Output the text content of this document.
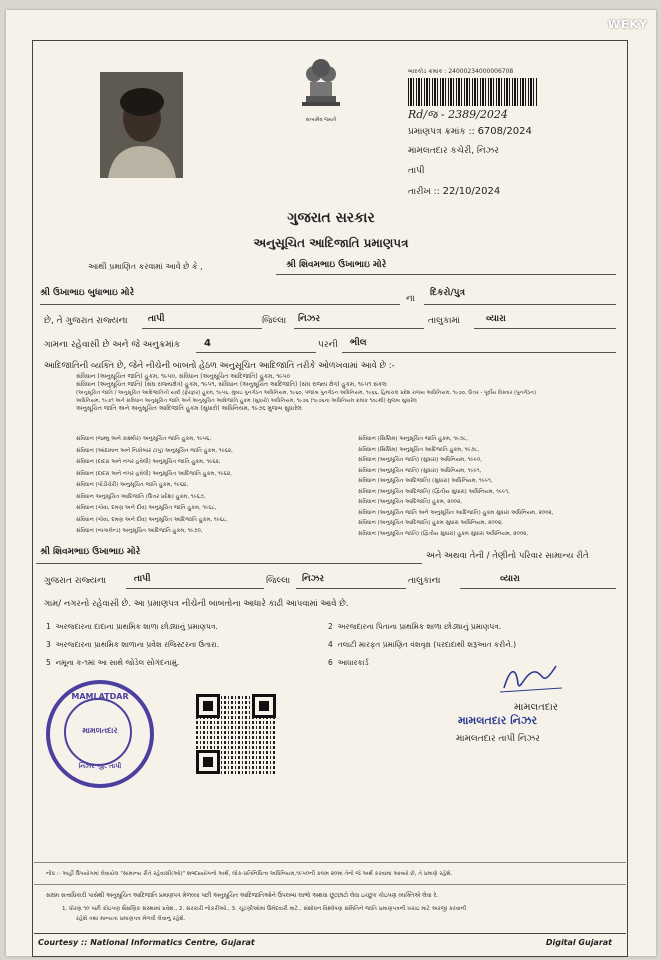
WEKY
સત્યમેવ જયતે
બારકોડ ક્રમાંક : 24000234000006708
Rd/જ - 2389/2024
પ્રમાણપત્ર ક્રમાંક :: 6708/2024
મામલતદાર કચેરી, નિઝર
તાપી
તારીખ :: 22/10/2024
ગુજરાત સરકાર
અનુસૂચિત આદિજાતિ પ્રમાણપત્ર
આથી પ્રમાણિત કરવામાં આવે છે કે ,	શ્રી શિવમભાઇ ઉખાભાઇ મોરે
શ્રી ઉખાભાઇ બુધાભાઇ મોરે
ના
દિકરો/પુત્ર
છે, તે ગુજરાત રાજ્યના તાપી	જિલ્લા નિઝર	તાલુકામાં	વ્યારા
ગામના રહેવાસી છે અને જે અનુક્રમાંક 4	પરની ભીલ
આદિજાતિની વ્યક્તિ છે, જેને નીચેની બાબતો હેઠળ અનુસૂચિત આદિજાતિ તરીકે ઓળખવામાં આવે છે :-
સંવિધાન (અનુસૂચિત જાતિ) હુકમ, ૧૯૫૦, સંવિધાન (અનુસૂચિત આદિજાતિ) હુકમ, ૧૯૫૦
સંવિધાન (અનુસૂચિત જાતિ) (સંઘ રાજ્યક્ષેત્ર) હુકમ, ૧૯૫૧, સંવિધાન (અનુસૂચિત આદિજાતિ) (સંઘ રાજ્ય ક્ષેત્ર) હુકમ, ૧૯૫૧ સંકલ
(અનુસૂચિત જાતિ / અનુસૂચિત આદિજાતિની યાદી (ફેરફાર) હુકમ, ૧૯૫૬, મુંબઇ પુનર્ગઠન અધિનિયમ, ૧૯૬૦, પંજાબ પુનર્ગઠન અધિનિયમ, ૧૯૬૬, હિમાચલ પ્રદેશ રાજ્ય અધિનિયમ, ૧૯૭૦, ઉત્તર - પૂર્વીય વિસ્તાર (પુનર્ગઠન)
અધિનિયમ, ૧૯૭૧ અને સંવિધાન અનુસૂચિત જાતિ અને અનુસૂચિત આદિજાતિ હુકમ (સુધારો) અધિનિયમ, ૧૯૭૬ (૧૯૭૬ના અધિનિયમ ક્રમાંક ૧૦૮થી) મુજબ સુધારેલ
અનુસૂચિત જાતિ અને અનુસૂચિત આદિજાતિ હુકમ (સુધારો) અધિનિયમ, ૧૯૭૬ મુજબ સુધારેલ
સંવિધાન (જમ્મુ અને કાશ્મીર) અનુસૂચિત જાતિ હુકમ, ૧૯૫૬,
સંવિધાન (આંદામાન અને નિકોબાર ટાપુ) અનુસૂચિત જાતિ હુકમ, ૧૯૬૨,
સંવિધાન (દાદરા અને નગર હવેલી) અનુસૂચિત જાતિ હુકમ, ૧૯૬૨,
સંવિધાન (દાદરા અને નગર હવેલી) અનુસૂચિત આદિજાતિ હુકમ, ૧૯૬૨,
સંવિધાન (પોંડીચેરી) અનુસૂચિત જાતિ હુકમ, ૧૯૬૪,
સંવિધાન અનુસૂચિત આદિજાતિ (ઉત્તર પ્રદેશ) હુકમ, ૧૯૬૭,
સંવિધાન (ગોવા, દમણ અને દીવ) અનુસૂચિત જાતિ હુકમ, ૧૯૬૮,
સંવિધાન (ગોવા, દમણ અને દીવ) અનુસૂચિત આદિજાતિ હુકમ, ૧૯૬૮,
સંવિધાન (નાગાલેન્ડ) અનુસૂચિત આદિજાતિ હુકમ, ૧૯૭૦,
સંવિધાન (સિક્કિમ) અનુસૂચિત જાતિ હુકમ, ૧૯૭૮,
સંવિધાન (સિક્કિમ) અનુસૂચિત આદિજાતિ હુકમ, ૧૯૭૮,
સંવિધાન (અનુસૂચિત જાતિ) (સુધારા) અધિનિયમ, ૧૯૯૦,
સંવિધાન (અનુસૂચિત જાતિ) (સુધારા) અધિનિયમ, ૧૯૯૧,
સંવિધાન (અનુસૂચિત આદિજાતિ) (સુધારા) અધિનિયમ, ૧૯૯૧,
સંવિધાન (અનુસૂચિત આદિજાતિ) (દ્વિતીય સુધારા) અધિનિયમ, ૧૯૯૧,
સંવિધાન (અનુસૂચિત આદિજાતિ) હુકમ, ૨૦૦૨,
સંવિધાન (અનુસૂચિત જાતિ અને અનુસૂચિત આદિજાતિ) હુકમ સુધારા અધિનિયમ, ૨૦૦૨,
સંવિધાન (અનુસૂચિત આદિજાતિ) હુકમ સુધારા અધિનિયમ, ૨૦૦૨,
સંવિધાન (અનુસૂચિત જાતિ) (દ્વિતીય સુધારા) હુકમ સુધારા અધિનિયમ, ૨૦૦૨,
શ્રી શિવમભાઇ ઉખાભાઇ મોરે	અને અથવા તેની / તેણીનો પરિવાર સામાન્ય રીતે
ગુજરાત રાજ્યના	તાપી	જિલ્લા નિઝર	તાલુકાના	વ્યારા
ગામ/ નગરનો રહેવાસી છે. આ પ્રમાણપત્ર નીચેની બાબતોના આધારે કાઢી આપવામાં આવે છે.
1 અરજદારના દાદાના પ્રાથમિક શાળા છોડ્યાનું પ્રમાણપત્ર.	2 અરજદારના પિતાના પ્રાથમિક શાળા છોડ્યાનું પ્રમાણપત્ર.
3 અરજદારના પ્રાથમિક શાળાના પ્રવેશ રજિસ્ટરના ઉતારા.	4 તલાટી મારફત પ્રમાણિત વંશવૃક્ષ (પરદાદાથી શરૂઆત કરીને.)
5 નમૂના ક-૧માં આ સાથે જોડેલ સોગંદનામું.	6 આધારકાર્ડ
MAMLATDAR
મામલતદાર
નિઝર જી. તાપી
મામલતદાર
મામલતદાર નિઝર
મામલતદાર તાપી નિઝર
નોંધ :- અહીં ઉપયોગમાં લેવાયેલ "સામાન્ય રીતે રહેવાસી(ઓ)" શબ્દપ્રયોગનો અર્થ, લોક-પ્રતિનિધિત્વ અધિનિયમ,૧૯૫૦ની કલમ ૨૦માં તેનો જે અર્થ કરવામાં આવ્યો છે, તે પ્રમાણે રહેશે.
સક્ષમ સત્તાધિકારી પાસેથી અનુસૂચિત આદિજાતિ પ્રમાણપત્ર મેળવ્યા પછી અનુસૂચિત આદિજાતિઓને ઉપલબ્ધ લાભો અથવા છૂટછાટો લેવા ઇચ્છુક કોઇપણ વ્યક્તિએ લેવા રે.
1. ધોરણ ૧૦ પછી કોઇપણ શૈક્ષણિક સંસ્થામાં પ્રવેશ., 2. સરકારી નોકરીઓ., 3. ચૂંટણીઓમાં ઉમેદવારી માટે., સંશોધન વિશ્લેષણ સમિતિને જાતિ પ્રમાણપત્રની ખરાઇ માટે અરજી કરવાની
રહેશે તથા માન્યતા પ્રમાણપત્ર મેળવી લેવાનું રહેશે.
Courtesy :: National Informatics Centre, Gujarat	Digital Gujarat
